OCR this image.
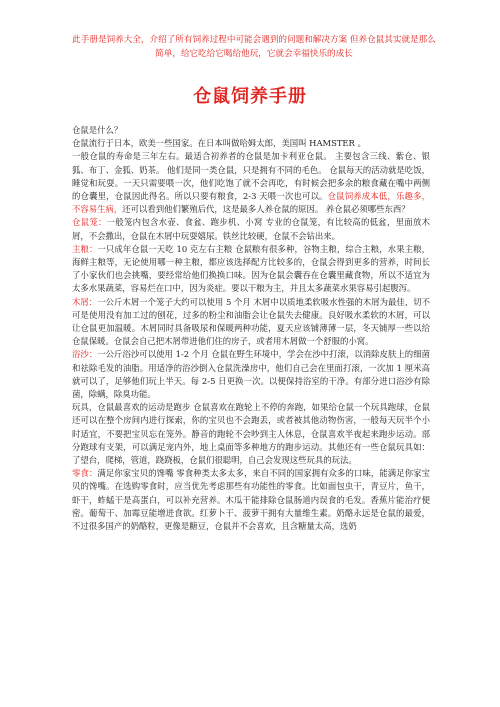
此手册是饲养大全，介绍了所有饲养过程中可能会遇到的问题和解决方案 但养仓鼠其实就是那么简单，给它吃给它喝给他玩，它就会幸福快乐的成长
仓鼠饲养手册

仓鼠是什么？

仓鼠流行于日本，欧美一些国家。在日本叫做哈姆太郎，美国叫 HAMSTER 。

一般仓鼠的寿命是三年左右。最适合初养者的仓鼠是加卡利亚仓鼠。 主要包含三线、紫仓、银狐、布丁、金狐、奶茶。 他们是同一类仓鼠，只是拥有不同的毛色。 仓鼠每天的活动就是吃饭，睡觉和玩耍。一天只需要喂一次，他们吃饱了就不会再吃，有时候会把多余的粮食藏在嘴中两侧的仓囊里，仓鼠因此得名。所以只要有粮食，2-3 天喂一次也可以。仓鼠饲养成本低，乐趣多，不容易生病，还可以看到他们繁殖后代，这是最多人养仓鼠的原因。 养仓鼠必须哪些东西？

仓鼠笼：一般笼内包含水壶、食盆、跑步机、小窝 专业的仓鼠笼，有比较高的低盆，里面放木屑，不会撒出，仓鼠在木屑中玩耍嬉尿。铁丝比较硬，仓鼠不会钻出来。

主粮：一只成年仓鼠一天吃 10 克左右主粮 仓鼠粮有很多种，谷物主粮，综合主粮，水果主粮，海鲜主粮等，无论使用哪一种主粮，都应该选择配方比较多的，仓鼠会得到更多的营养，时间长了小家伙们也会挑嘴，要经常给他们换换口味。因为仓鼠会囊吞在仓囊里藏食物，所以不适宜为太多水果蔬菜，容易烂在口中，因为炎症。要以干粮为主，并且太多蔬菜水果容易引起腹泻。

木屑：一公斤木屑一个笼子大约可以使用 5 个月 木屑中以质地柔软吸水性强的木屑为最佳，切不可是使用没有加工过的刨花，过多的粉尘和油脂会让仓鼠失去健康。良好吸水柔软的木屑，可以让仓鼠更加温暖。木屑同时具备吸尿和保暖两种功能，夏天应该铺薄薄一层，冬天铺厚一些以给仓鼠保暖。仓鼠会自己把木屑带进他们住的房子，或者用木屑做一个舒服的小窝。

浴沙：一公斤浴沙可以使用 1-2 个月 仓鼠在野生环境中，学会在沙中打滚，以消除皮肤上的细菌和祛除毛发的油脂。用适净的浴沙倒入仓鼠洗澡房中，他们自己会在里面打滚，一次加 1 厘米高就可以了，足够他们玩上半天。每 2-5 日更换一次。以便保持浴室的干净。有部分进口浴沙有除菌，除螨，除臭功能。

玩具，仓鼠最喜欢的运动是跑步 仓鼠喜欢在跑轮上不停的奔跑，如果给仓鼠一个玩具跑球，仓鼠还可以在整个房间内进行探索，你的宝贝也不会跑丢，或者被其他动物伤害，一般每天玩半个小时适宜，不要把宝贝忘在笼外。静音的跑轮不会吵到主人休息，仓鼠喜欢半夜起来跑步运动。部分跑球有支架，可以满足宠内外，地上桌面等多种地方的跑步运动。其他还有一些仓鼠玩具如：了望台，爬梯，管道，跷跷板，仓鼠们很聪明，自己会发现这些玩具的玩法。

零食：满足你家宝贝的馋嘴 零食种类太多太多，来自不同的国家拥有众多的口味，能满足你家宝贝的馋嘴。在选购零食时，应当优先考虑那些有功能性的零食。比如面包虫干，青豆片，鱼干，虾干，蚱蜢干是高蛋白，可以补充营养。木瓜干能排除仓鼠肠道内误食的毛发。香蕉片能治疗便密。葡萄干、加霉豆能增进食欲。红萝卜干、菠萝干拥有大量维生素。奶酪永远是仓鼠的最爱，不过很多国产的奶酪粒，更像是糖豆，仓鼠并不会喜欢，且含糖量太高，选奶
